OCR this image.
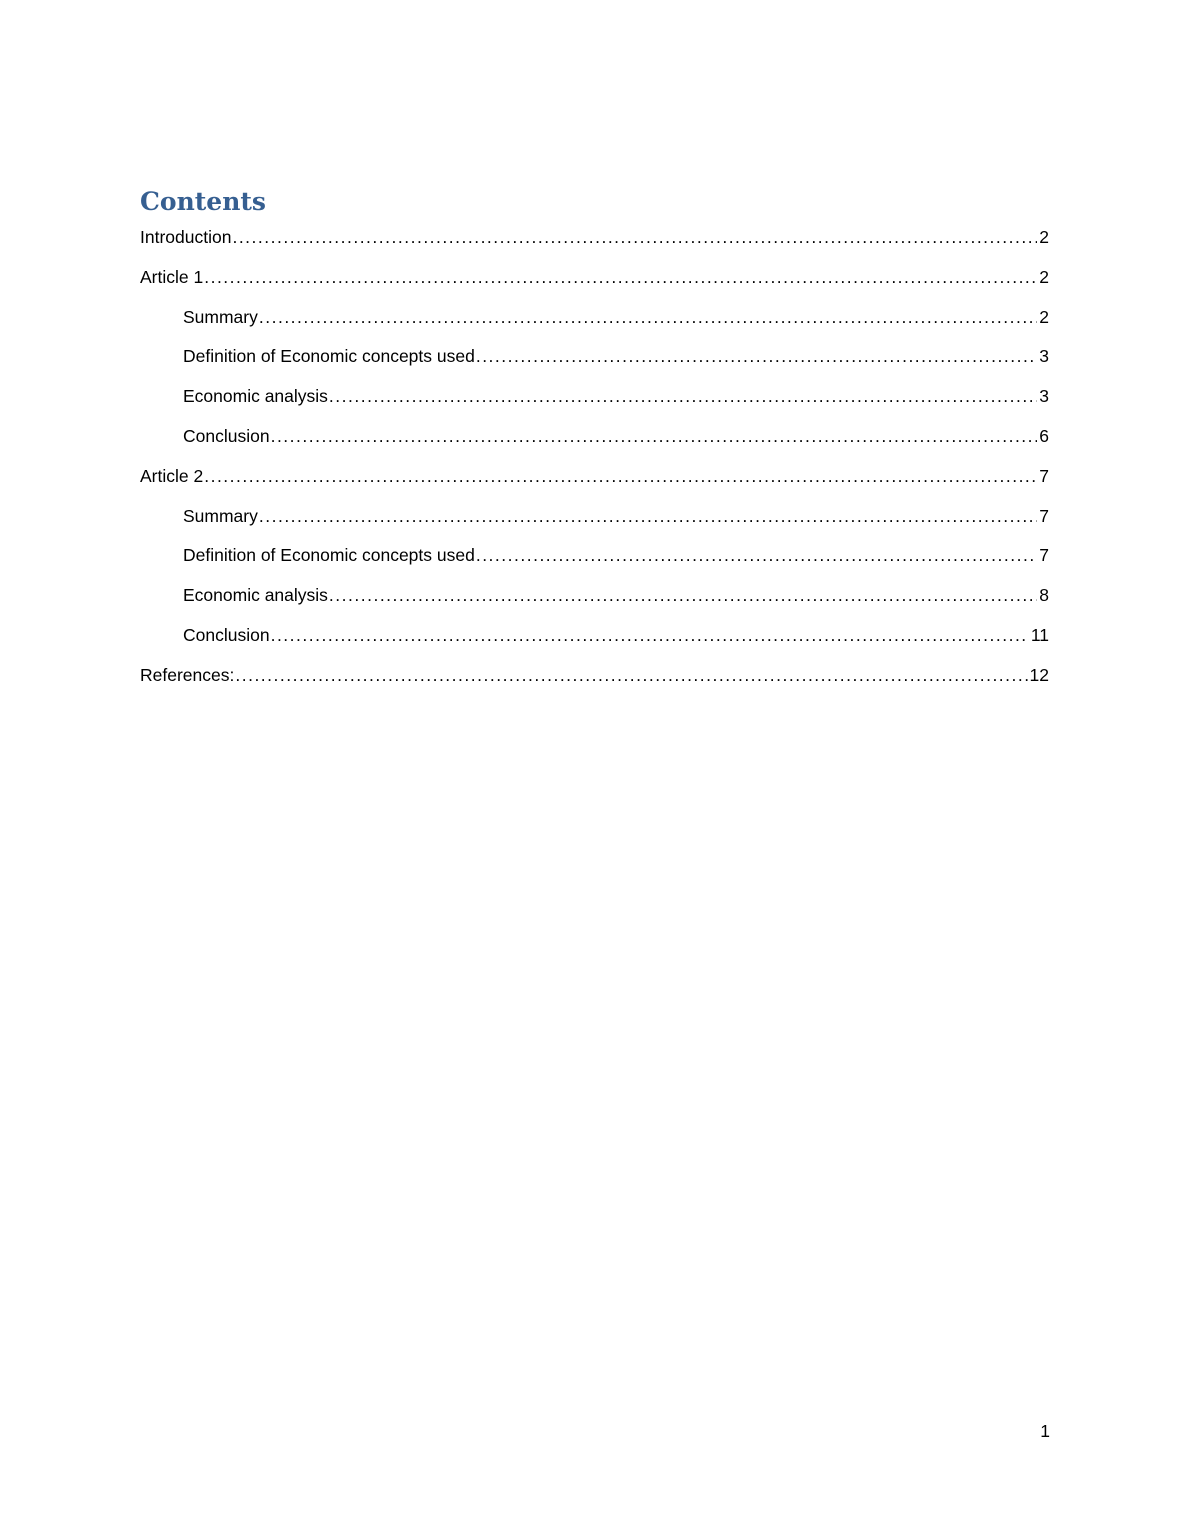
Contents
Introduction .....	2
Article 1 .....	2
Summary .....	2
Definition of Economic concepts used .....	3
Economic analysis .....	3
Conclusion .....	6
Article 2 .....	7
Summary .....	7
Definition of Economic concepts used .....	7
Economic analysis .....	8
Conclusion .....	11
References: .....	12
1
